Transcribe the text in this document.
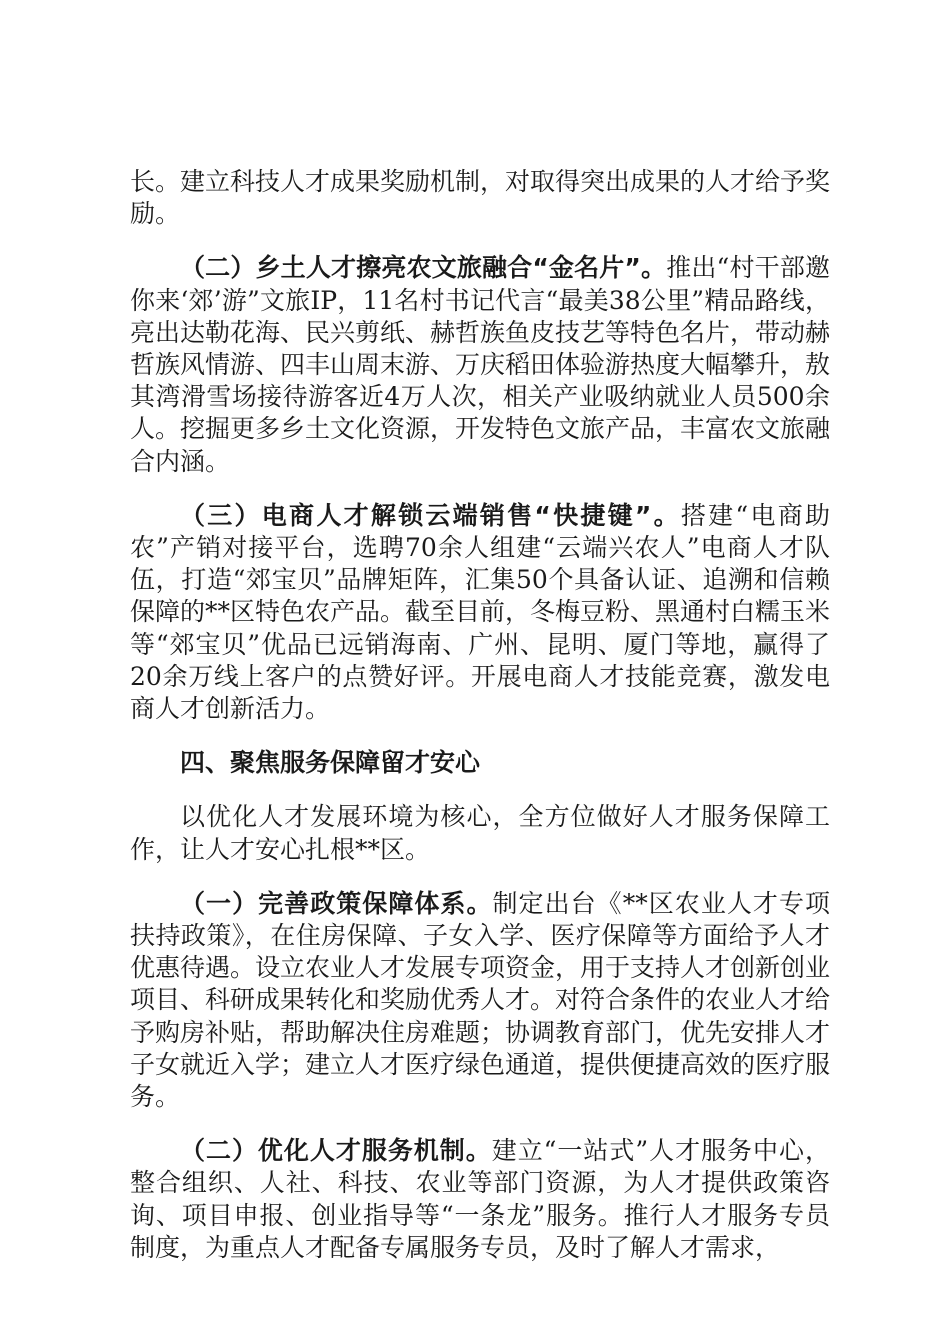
长。建立科技人才成果奖励机制，对取得突出成果的人才给予奖励。

（二）乡土人才擦亮农文旅融合“金名片”。推出“村干部邀你来‘郊’游”文旅IP，11名村书记代言“最美38公里”精品路线，亮出达勒花海、民兴剪纸、赫哲族鱼皮技艺等特色名片，带动赫哲族风情游、四丰山周末游、万庆稻田体验游热度大幅攀升，敖其湾滑雪场接待游客近4万人次，相关产业吸纳就业人员500余人。挖掘更多乡土文化资源，开发特色文旅产品，丰富农文旅融合内涵。

（三）电商人才解锁云端销售“快捷键”。搭建“电商助农”产销对接平台，选聘70余人组建“云端兴农人”电商人才队伍，打造“郊宝贝”品牌矩阵，汇集50个具备认证、追溯和信赖保障的**区特色农产品。截至目前，冬梅豆粉、黑通村白糯玉米等“郊宝贝”优品已远销海南、广州、昆明、厦门等地，赢得了20余万线上客户的点赞好评。开展电商人才技能竞赛，激发电商人才创新活力。

四、聚焦服务保障留才安心

以优化人才发展环境为核心，全方位做好人才服务保障工作，让人才安心扎根**区。

（一）完善政策保障体系。制定出台《**区农业人才专项扶持政策》，在住房保障、子女入学、医疗保障等方面给予人才优惠待遇。设立农业人才发展专项资金，用于支持人才创新创业项目、科研成果转化和奖励优秀人才。对符合条件的农业人才给予购房补贴，帮助解决住房难题；协调教育部门，优先安排人才子女就近入学；建立人才医疗绿色通道，提供便捷高效的医疗服务。

（二）优化人才服务机制。建立“一站式”人才服务中心，整合组织、人社、科技、农业等部门资源，为人才提供政策咨询、项目申报、创业指导等“一条龙”服务。推行人才服务专员制度，为重点人才配备专属服务专员，及时了解人才需求，
